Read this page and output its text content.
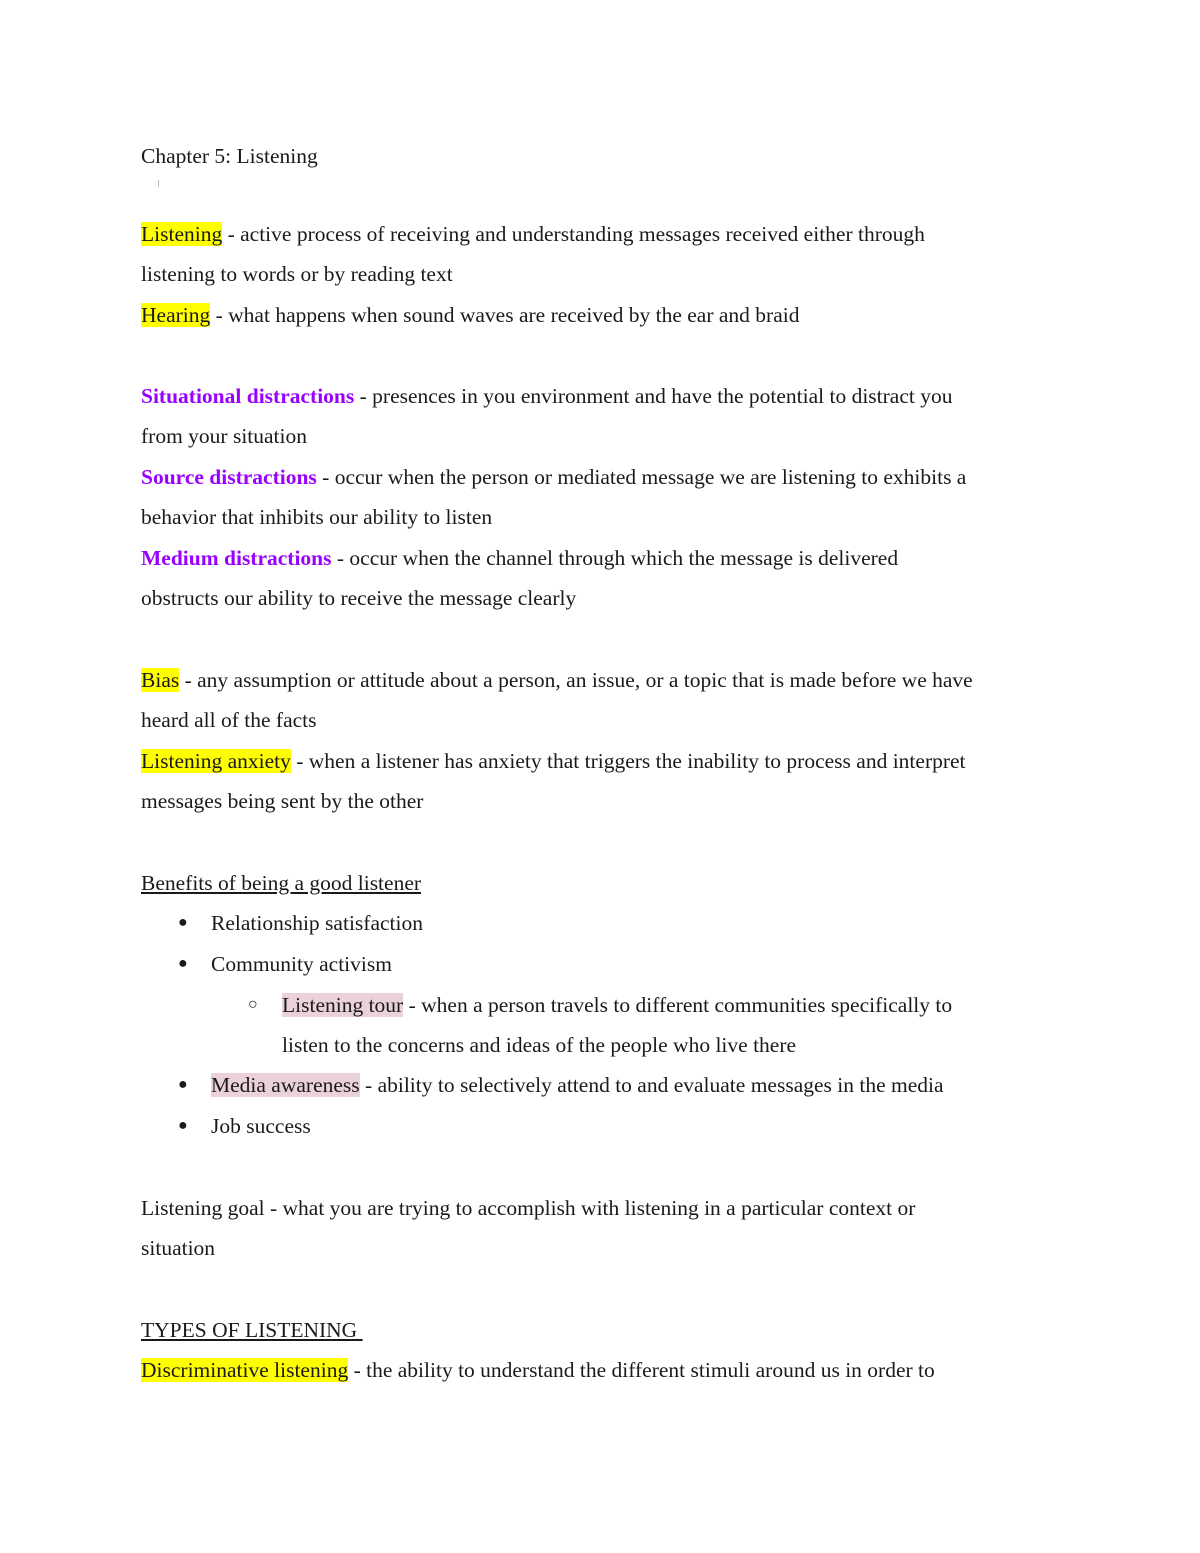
Chapter 5: Listening
Listening - active process of receiving and understanding messages received either through
listening to words or by reading text
Hearing - what happens when sound waves are received by the ear and braid
Situational distractions - presences in you environment and have the potential to distract you
from your situation
Source distractions - occur when the person or mediated message we are listening to exhibits a
behavior that inhibits our ability to listen
Medium distractions - occur when the channel through which the message is delivered
obstructs our ability to receive the message clearly
Bias - any assumption or attitude about a person, an issue, or a topic that is made before we have
heard all of the facts
Listening anxiety - when a listener has anxiety that triggers the inability to process and interpret
messages being sent by the other
Benefits of being a good listener
● Relationship satisfaction
● Community activism
○ Listening tour - when a person travels to different communities specifically to
listen to the concerns and ideas of the people who live there
● Media awareness - ability to selectively attend to and evaluate messages in the media
● Job success
Listening goal - what you are trying to accomplish with listening in a particular context or
situation
TYPES OF LISTENING
Discriminative listening - the ability to understand the different stimuli around us in order to
